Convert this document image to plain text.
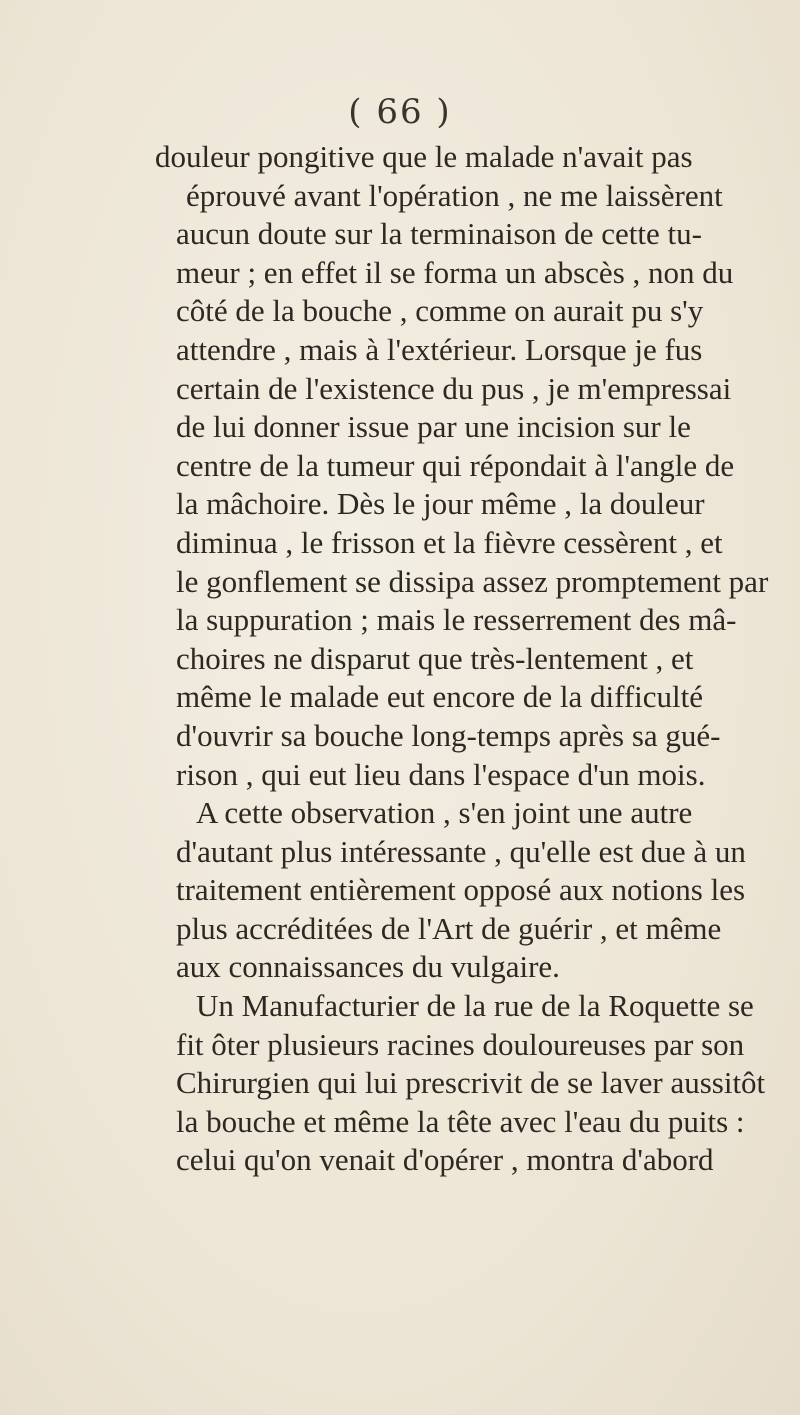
( 66 )
douleur pongitive que le malade n'avait pas
éprouvé avant l'opération , ne me laissèrent
aucun doute sur la terminaison de cette tu-
meur ; en effet il se forma un abscès , non du
côté de la bouche , comme on aurait pu s'y
attendre , mais à l'extérieur. Lorsque je fus
certain de l'existence du pus , je m'empressai
de lui donner issue par une incision sur le
centre de la tumeur qui répondait à l'angle de
la mâchoire. Dès le jour même , la douleur
diminua , le frisson et la fièvre cessèrent , et
le gonflement se dissipa assez promptement par
la suppuration ; mais le resserrement des mâ-
choires ne disparut que très-lentement , et
même le malade eut encore de la difficulté
d'ouvrir sa bouche long-temps après sa gué-
rison , qui eut lieu dans l'espace d'un mois.
A cette observation , s'en joint une autre
d'autant plus intéressante , qu'elle est due à un
traitement entièrement opposé aux notions les
plus accréditées de l'Art de guérir , et même
aux connaissances du vulgaire.
Un Manufacturier de la rue de la Roquette se
fit ôter plusieurs racines douloureuses par son
Chirurgien qui lui prescrivit de se laver aussitôt
la bouche et même la tête avec l'eau du puits :
celui qu'on venait d'opérer , montra d'abord
